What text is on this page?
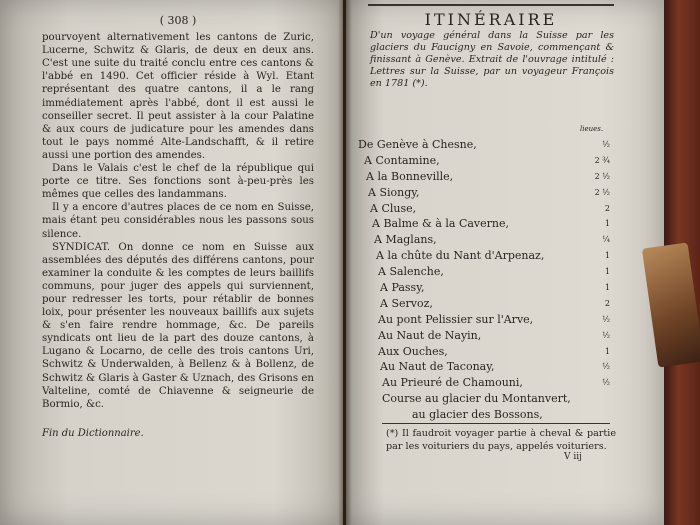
( 308 )

pourvoyent alternativement les cantons de Zuric, Lucerne, Schwitz & Glaris, de deux en deux ans. C'est une suite du traité conclu entre ces cantons & l'abbé en 1490. Cet officier réside à Wyl. Etant représentant des quatre cantons, il a le rang immédiatement après l'abbé, dont il est aussi le conseiller secret. Il peut assister à la cour Palatine & aux cours de judicature pour les amendes dans tout le pays nommé Alte-Landschafft, & il retire aussi une portion des amendes.

Dans le Valais c'est le chef de la république qui porte ce titre. Ses fonctions sont à-peu-près les mêmes que celles des landammans.

Il y a encore d'autres places de ce nom en Suisse, mais étant peu considérables nous les passons sous silence.

SYNDICAT. On donne ce nom en Suisse aux assemblées des députés des différens cantons, pour examiner la conduite & les comptes de leurs baillifs communs, pour juger des appels qui surviennent, pour redresser les torts, pour rétablir de bonnes loix, pour présenter les nouveaux baillifs aux sujets & s'en faire rendre hommage, &c. De pareils syndicats ont lieu de la part des douze cantons, à Lugano & Locarno, de celle des trois cantons Uri, Schwitz & Underwalden, à Bellenz & à Bollenz, de Schwitz & Glaris à Gaster & Uznach, des Grisons en Valteline, comté de Chiavenne & seigneurie de Bormio, &c.

Fin du Dictionnaire.

ITINÉRAIRE
D'un voyage général dans la Suisse par les glaciers du Faucigny en Savoie, commençant & finissant à Genève. Extrait de l'ouvrage intitulé : Lettres sur la Suisse, par un voyageur François en 1781 (*).
lieues.
De Genève à Chesne,	½
A Contamine,	2 ¾
A la Bonneville,	2 ½
A Siongy,	2 ½
A Cluse,	2
A Balme & à la Caverne,	1
A Maglans,	¼
A la chûte du Nant d'Arpenaz,	1
A Salenche,	1
A Passy,	1
A Servoz,	2
Au pont Pelissier sur l'Arve,	½
Au Naut de Nayin,	½
Aux Ouches,	1
Au Naut de Taconay,	½
Au Prieuré de Chamouni,	½
Course au glacier du Montanvert,
au glacier des Bossons,
(*) Il faudroit voyager partie à cheval & partie par les voituriers du pays, appelés voituriers.
V iij
